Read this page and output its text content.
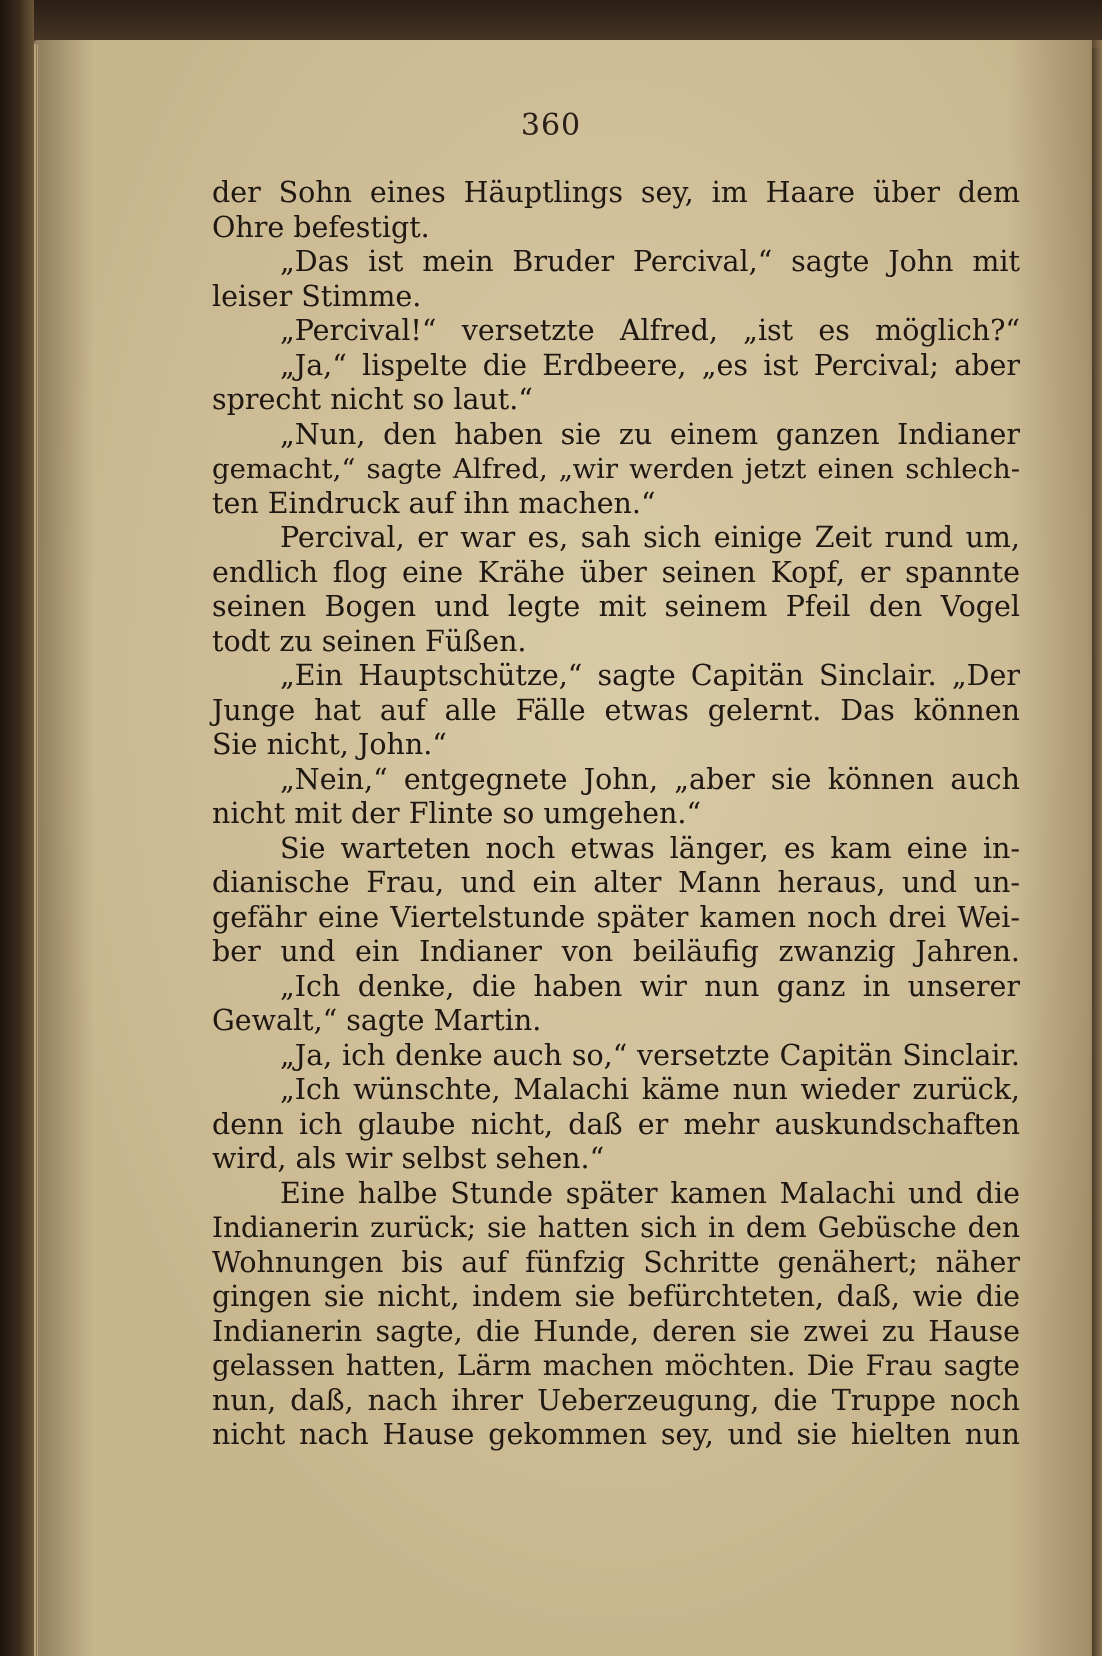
360
der Sohn eines Häuptlings sey, im Haare über dem
Ohre befestigt.
„Das ist mein Bruder Percival,“ sagte John mit
leiser Stimme.
„Percival!“ versetzte Alfred, „ist es möglich?“
„Ja,“ lispelte die Erdbeere, „es ist Percival; aber
sprecht nicht so laut.“
„Nun, den haben sie zu einem ganzen Indianer
gemacht,“ sagte Alfred, „wir werden jetzt einen schlech-
ten Eindruck auf ihn machen.“
Percival, er war es, sah sich einige Zeit rund um,
endlich flog eine Krähe über seinen Kopf, er spannte
seinen Bogen und legte mit seinem Pfeil den Vogel
todt zu seinen Füßen.
„Ein Hauptschütze,“ sagte Capitän Sinclair. „Der
Junge hat auf alle Fälle etwas gelernt. Das können
Sie nicht, John.“
„Nein,“ entgegnete John, „aber sie können auch
nicht mit der Flinte so umgehen.“
Sie warteten noch etwas länger, es kam eine in-
dianische Frau, und ein alter Mann heraus, und un-
gefähr eine Viertelstunde später kamen noch drei Wei-
ber und ein Indianer von beiläufig zwanzig Jahren.
„Ich denke, die haben wir nun ganz in unserer
Gewalt,“ sagte Martin.
„Ja, ich denke auch so,“ versetzte Capitän Sinclair.
„Ich wünschte, Malachi käme nun wieder zurück,
denn ich glaube nicht, daß er mehr auskundschaften
wird, als wir selbst sehen.“
Eine halbe Stunde später kamen Malachi und die
Indianerin zurück; sie hatten sich in dem Gebüsche den
Wohnungen bis auf fünfzig Schritte genähert; näher
gingen sie nicht, indem sie befürchteten, daß, wie die
Indianerin sagte, die Hunde, deren sie zwei zu Hause
gelassen hatten, Lärm machen möchten. Die Frau sagte
nun, daß, nach ihrer Ueberzeugung, die Truppe noch
nicht nach Hause gekommen sey, und sie hielten nun
